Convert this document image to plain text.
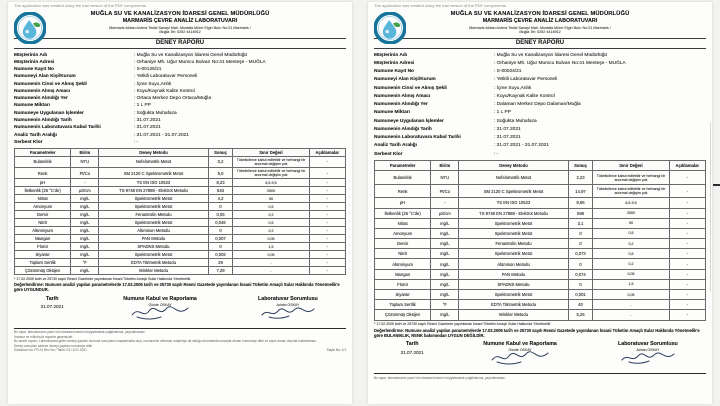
The application was created using the trial version of the PDF components.
MUĞLA SU VE KANALİZASYON İDARESİ GENEL MÜDÜRLÜĞÜ
MARMARİS ÇEVRE ANALİZ LABORATUVARI
Marmaris Atıksu Arıtma Tesisi Sanayi Mah. Mustafa Münir Elgin Bulv. No:21 Marmaris /
Muğla Tel: 0252 4414912
DENEY RAPORU
Müşterinin Adı	: Muğla Su ve Kanalizasyon İdaresi Genel Müdürlüğü
Müşterinin Adresi	: Orhaniye Mh. Uğur Mumcu Bulvarı No:41 Menteşe - MUĞLA
Numune Kayıt No	: S-00125/21
Numuneyi Alan Kişi/Kurum	: Yetkili Laboratuvar Personeli
Numunenin Cinsi ve Alınış Şekli	: İçme Suyu,Anlık
Numunenin Alınış Amacı	: Kuyu/Kaynak Kalite Kontrol
Numunenin Alındığı Yer	: Ortaca Merkez Depo Ortaca/Muğla
Numune Miktarı	: 1 L PP
Numuneye Uygulanan İşlemler	: Soğukta Muhafaza
Numunenin Alındığı Tarih	: 31.07.2021
Numunenin Laboratuvara Kabul Tarihi	: 31.07.2021
Analiz Tarih Aralığı	: 31.07.2021 - 31.07.2021
Serbest Klor	: -
Parametreler	Birim	Deney Metodu	Sonuç	Sınır Değeri	Açıklamalar
Bulanıklık	NTU	Nefelometrik Metot	0,2	Tüketicilerce kabul edilebilir ve herhangi bir anormal değişim yok	-
Renk	Pt/Co	SM 2120 C Spektrometrik Metot	5,0	Tüketicilerce kabul edilebilir ve herhangi bir anormal değişim yok	-
pH	-	TS EN ISO 10523	8,23	6,5-9,5	-
İletkenlik (25 °C'de)	µS/cm	TS 9748 EN 27888 - Elektrot Metodu	543	2500	-
Nitrat	mg/L	Spektrometrik Metot	4,2	50	-
Amonyum	mg/L	Spektrometrik Metot	0	0,5	-
Demir	mg/L	Fenantrolin Metodu	0,05	0,2	-
Nitrit	mg/L	Spektrometrik Metot	0,046	0,5	-
Alüminyum	mg/L	Alüminon Metodu	0	0,2	-
Mangan	mg/L	PAN Metodu	0,007	0,05	-
Florür	mg/L	SPADNS Metodu	0	1,5	-
Siyanür	mg/L	Spektrometrik Metot	0,002	0,05	-
Toplam Sertlik	°F	EDTA Titrimetrik Metodu	29	-	-
Çözünmüş Oksijen	mg/L	Winkler Metodu	7,29	-	-
* 17.02.2005 tarih ve 25730 sayılı Resmi Gazetede yayımlanan İnsani Tüketim Amaçlı Sular Hakkında Yönetmelik
Değerlendirme: Numune analizi yapılan parametrelerde 17.02.2005 tarih ve 25730 sayılı Resmi Gazetede yayımlanan İnsani Tüketim Amaçlı Sular Hakkında Yönetmelik'e göre UYGUNDUR.
Tarih
31.07.2021
Numune Kabul ve Raporlama
Gözde OSKAY
Laboratuvar Sorumlusu
Adnan OSKAY
Bu rapor, laboratuvarın yazılı izni olmadan kısmen kopyalanarak çoğaltılamaz, yayınlanamaz.
İmzasız ve mühürsüz raporlar geçersizdir.
Bu analiz raporu, Laboratuvara gelen deneyi yapılan numune sonuçlarını kapsamakta olup, numunenin alınması müşteriye ait olduğu durumlarda sonuçlar alınan numuneye aittir ve rapor amacı dışında kullanılamaz.
Deney sonuçları sadece deneyi yapılan numuneye aittir.
Doküman No: FR.24 Rev No / Tarihi: 03 / 6.01.2021	Sayfa No: 1/1
The application was created using the trial version of the PDF components.
MUĞLA SU VE KANALİZASYON İDARESİ GENEL MÜDÜRLÜĞÜ
MARMARİS ÇEVRE ANALİZ LABORATUVARI
Marmaris Atıksu Arıtma Tesisi Sanayi Mah. Mustafa Münir Elgin Bulv. No:21 Marmaris /
Muğla Tel: 0252 4414912
DENEY RAPORU
Müşterinin Adı	: Muğla Su ve Kanalizasyon İdaresi Genel Müdürlüğü
Müşterinin Adresi	: Orhaniye Mh. Uğur Mumcu Bulvarı No:41 Menteşe - MUĞLA
Numune Kayıt No	: S-00024/21
Numuneyi Alan Kişi/Kurum	: Yetkili Laboratuvar Personeli
Numunenin Cinsi ve Alınış Şekli	: İçme Suyu,Anlık
Numunenin Alınış Amacı	: Kuyu/Kaynak Kalite Kontrol
Numunenin Alındığı Yer	: Dalaman Merkez Depo Dalaman/Muğla
Numune Miktarı	: 1 L PP
Numuneye Uygulanan İşlemler	: Soğukta Muhafaza
Numunenin Alındığı Tarih	: 31.07.2021
Numunenin Laboratuvara Kabul Tarihi	: 31.07.2021
Analiz Tarih Aralığı	: 31.07.2021 - 31.07.2021
Serbest Klor	: -
Parametreler	Birim	Deney Metodu	Sonuç	Sınır Değeri	Açıklamalar
Bulanıklık	NTU	Nefelometrik Metot	2,23	Tüketicilerce kabul edilebilir ve herhangi bir anormal değişim yok	-
Renk	Pt/Co	SM 2120 C Spektrometrik Metot	14,97	Tüketicilerce kabul edilebilir ve herhangi bir anormal değişim yok	-
pH	-	TS EN ISO 10523	8,65	6,5-9,5	-
İletkenlik (25 °C'de)	µS/cm	TS 9748 EN 27888 - Elektrot Metodu	598	2500	-
Nitrat	mg/L	Spektrometrik Metot	3,1	50	-
Amonyum	mg/L	Spektrometrik Metot	0	0,5	-
Demir	mg/L	Fenantrolin Metodu	0	0,2	-
Nitrit	mg/L	Spektrometrik Metot	0,073	0,5	-
Alüminyum	mg/L	Alüminon Metodu	0	0,2	-
Mangan	mg/L	PAN Metodu	0,074	0,05	-
Florür	mg/L	SPADNS Metodu	0	1,5	-
Siyanür	mg/L	Spektrometrik Metot	0,001	0,05	-
Toplam Sertlik	°F	EDTA Titrimetrik Metodu	40	-	-
Çözünmüş Oksijen	mg/L	Winkler Metodu	5,25	-	-
* 17.02.2005 tarih ve 25730 sayılı Resmi Gazetede yayımlanan İnsani Tüketim Amaçlı Sular Hakkında Yönetmelik
Değerlendirme: Numune analizi yapılan parametrelerde 17.02.2005 tarih ve 25730 sayılı Resmi Gazetede yayımlanan İnsani Tüketim Amaçlı Sular Hakkında Yönetmelik'e göre BULANIKLIK, RENK bakımından UYGUN DEĞİLDİR.
Tarih
31.07.2021
Numune Kabul ve Raporlama
Gözde OSKAY
Laboratuvar Sorumlusu
Adnan OSKAY
Bu rapor, laboratuvarın yazılı izni olmadan kısmen kopyalanarak çoğaltılamaz, yayınlanamaz.
